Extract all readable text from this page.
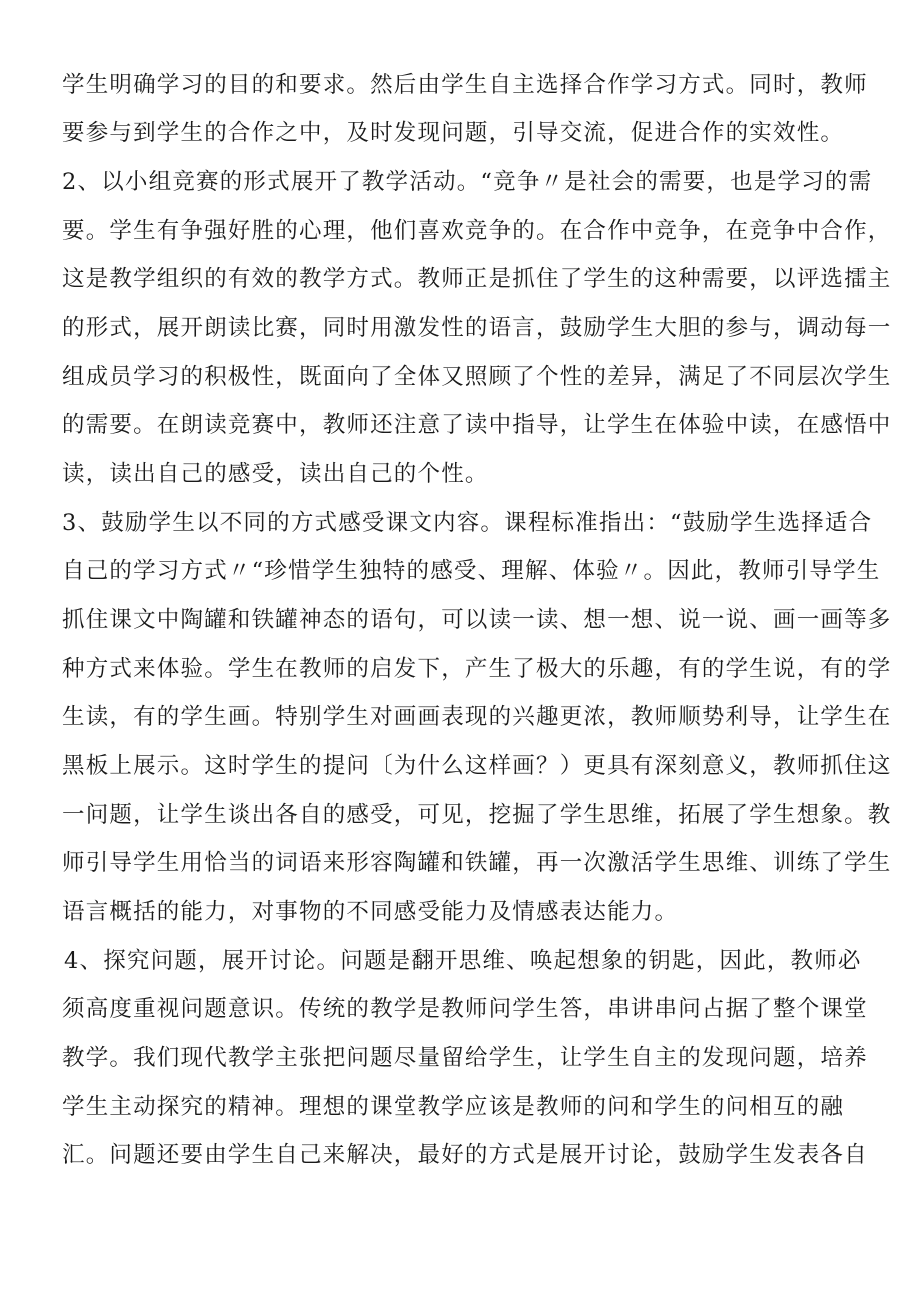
学生明确学习的目的和要求。然后由学生自主选择合作学习方式。同时，教师
要参与到学生的合作之中，及时发现问题，引导交流，促进合作的实效性。
2、以小组竞赛的形式展开了教学活动。“竞争〃是社会的需要，也是学习的需
要。学生有争强好胜的心理，他们喜欢竞争的。在合作中竞争，在竞争中合作，
这是教学组织的有效的教学方式。教师正是抓住了学生的这种需要，以评选擂主
的形式，展开朗读比赛，同时用激发性的语言，鼓励学生大胆的参与，调动每一
组成员学习的积极性，既面向了全体又照顾了个性的差异，满足了不同层次学生
的需要。在朗读竞赛中，教师还注意了读中指导，让学生在体验中读，在感悟中
读，读出自己的感受，读出自己的个性。
3、鼓励学生以不同的方式感受课文内容。课程标准指出：“鼓励学生选择适合
自己的学习方式〃“珍惜学生独特的感受、理解、体验〃。因此，教师引导学生
抓住课文中陶罐和铁罐神态的语句，可以读一读、想一想、说一说、画一画等多
种方式来体验。学生在教师的启发下，产生了极大的乐趣，有的学生说，有的学
生读，有的学生画。特别学生对画画表现的兴趣更浓，教师顺势利导，让学生在
黑板上展示。这时学生的提问〔为什么这样画？）更具有深刻意义，教师抓住这
一问题，让学生谈出各自的感受，可见，挖掘了学生思维，拓展了学生想象。教
师引导学生用恰当的词语来形容陶罐和铁罐，再一次激活学生思维、训练了学生
语言概括的能力，对事物的不同感受能力及情感表达能力。
4、探究问题，展开讨论。问题是翻开思维、唤起想象的钥匙，因此，教师必
须高度重视问题意识。传统的教学是教师问学生答，串讲串问占据了整个课堂
教学。我们现代教学主张把问题尽量留给学生，让学生自主的发现问题，培养
学生主动探究的精神。理想的课堂教学应该是教师的问和学生的问相互的融
汇。问题还要由学生自己来解决，最好的方式是展开讨论，鼓励学生发表各自
